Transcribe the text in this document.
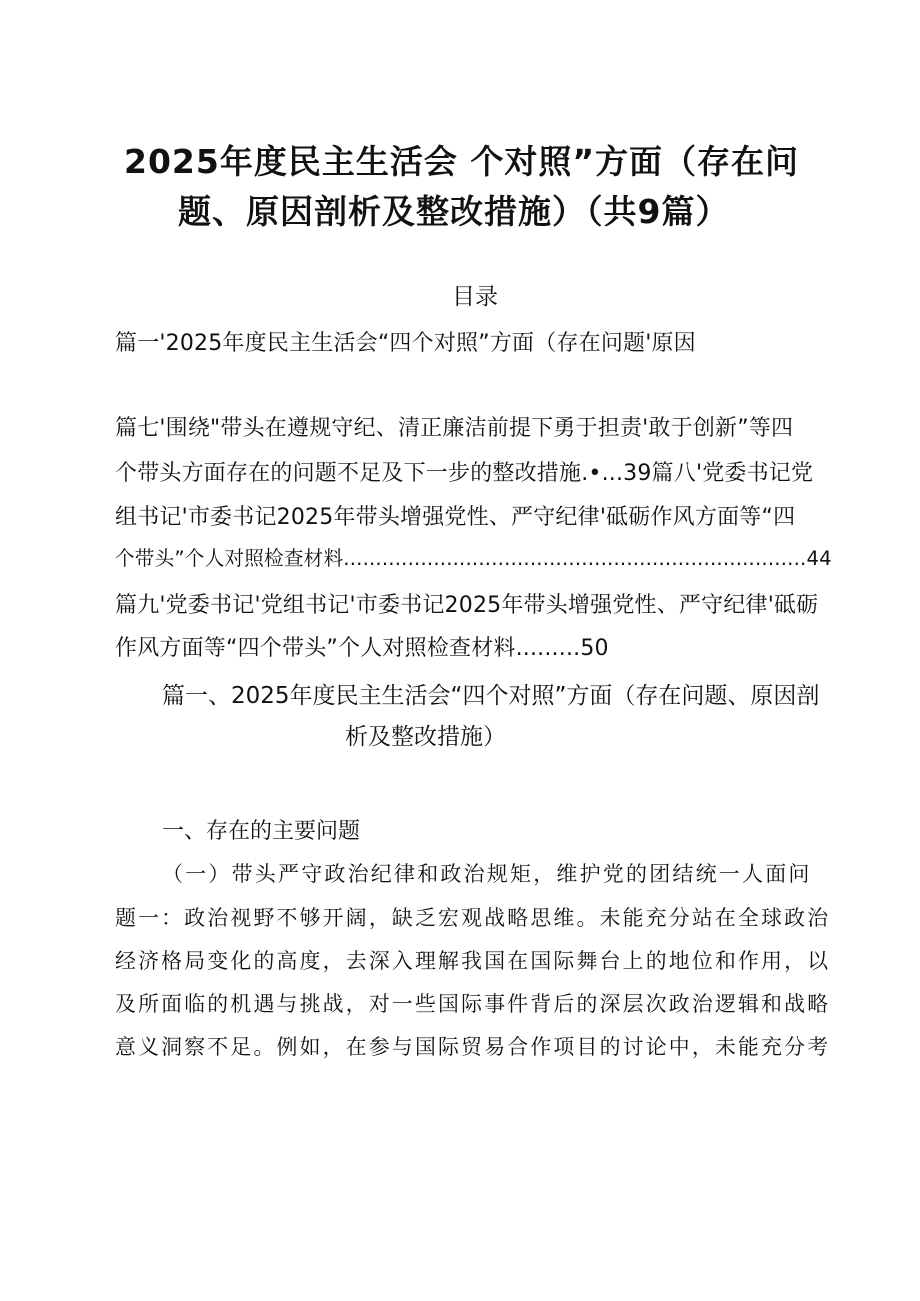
2025年度民主生活会 个对照”方面（存在问

题、原因剖析及整改措施）（共9篇）

目录

篇一'2025年度民主生活会“四个对照”方面（存在问题'原因

篇七'围绕"带头在遵规守纪、清正廉洁前提下勇于担责'敢于创新”等四

个带头方面存在的问题不足及下一步的整改措施.•...39篇八'党委书记党

组书记'市委书记2025年带头增强党性、严守纪律'砥砺作风方面等“四

个带头”个人对照检查材料........................................................................44

篇九'党委书记'党组书记'市委书记2025年带头增强党性、严守纪律'砥砺

作风方面等“四个带头”个人对照检查材料.........50

篇一、2025年度民主生活会“四个对照”方面（存在问题、原因剖

析及整改措施）

一、存在的主要问题

（一）带头严守政治纪律和政治规矩，维护党的团结统一人面问

题一：政治视野不够开阔，缺乏宏观战略思维。未能充分站在全球政治

经济格局变化的高度，去深入理解我国在国际舞台上的地位和作用，以

及所面临的机遇与挑战，对一些国际事件背后的深层次政治逻辑和战略

意义洞察不足。例如，在参与国际贸易合作项目的讨论中，未能充分考
